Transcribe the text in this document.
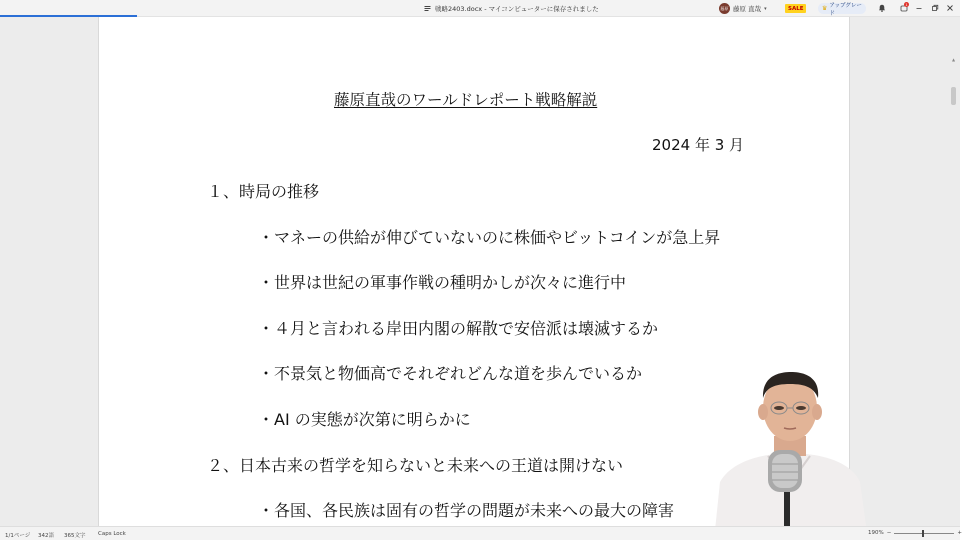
戦略2403.docx - マイコンピューターに保存されました	藤原 藤原 直哉 ▾	SALE	♛ アップグレード
1
▲
藤原直哉のワールドレポート戦略解説
2024 年 3 月
１、時局の推移
・マネーの供給が伸びていないのに株価やビットコインが急上昇
・世界は世紀の軍事作戦の種明かしが次々に進行中
・４月と言われる岸田内閣の解散で安倍派は壊滅するか
・不景気と物価高でそれぞれどんな道を歩んでいるか
・AI の実態が次第に明らかに
２、日本古来の哲学を知らないと未来への王道は開けない
・各国、各民族は固有の哲学の問題が未来への最大の障害
1/1ページ 342語 365文字 Caps Lock	190% −	+
